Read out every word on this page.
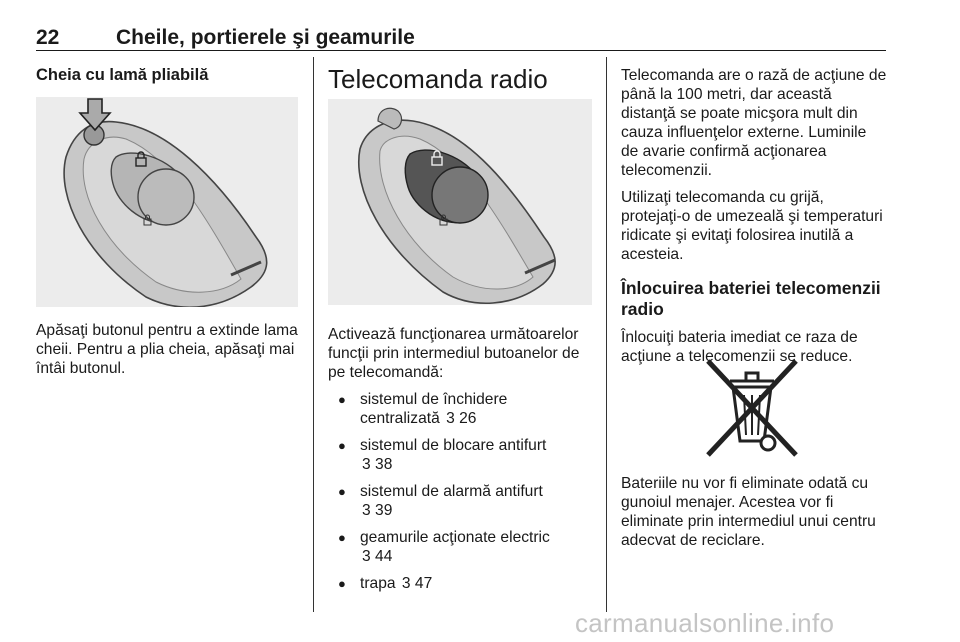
22	Cheile, portierele şi geamurile

Cheia cu lamă pliabilă

Apăsaţi butonul pentru a extinde lama cheii. Pentru a plia cheia, apăsaţi mai întâi butonul.

Telecomanda radio

Activează funcţionarea următoarelor funcţii prin intermediul butoanelor de pe telecomandă:

● sistemul de închidere
centralizată 3 26
● sistemul de blocare antifurt
3 38
● sistemul de alarmă antifurt
3 39
● geamurile acţionate electric
3 44
● trapa 3 47

Telecomanda are o rază de acţiune de până la 100 metri, dar această distanţă se poate micşora mult din cauza influenţelor externe. Luminile de avarie confirmă acţionarea telecomenzii.

Utilizaţi telecomanda cu grijă, protejaţi-o de umezeală şi temperaturi ridicate şi evitaţi folosirea inutilă a acesteia.

Înlocuirea bateriei telecomenzii radio

Înlocuiţi bateria imediat ce raza de acţiune a telecomenzii se reduce.

Bateriile nu vor fi eliminate odată cu gunoiul menajer. Acestea vor fi eliminate prin intermediul unui centru adecvat de reciclare.

carmanualsonline.info
